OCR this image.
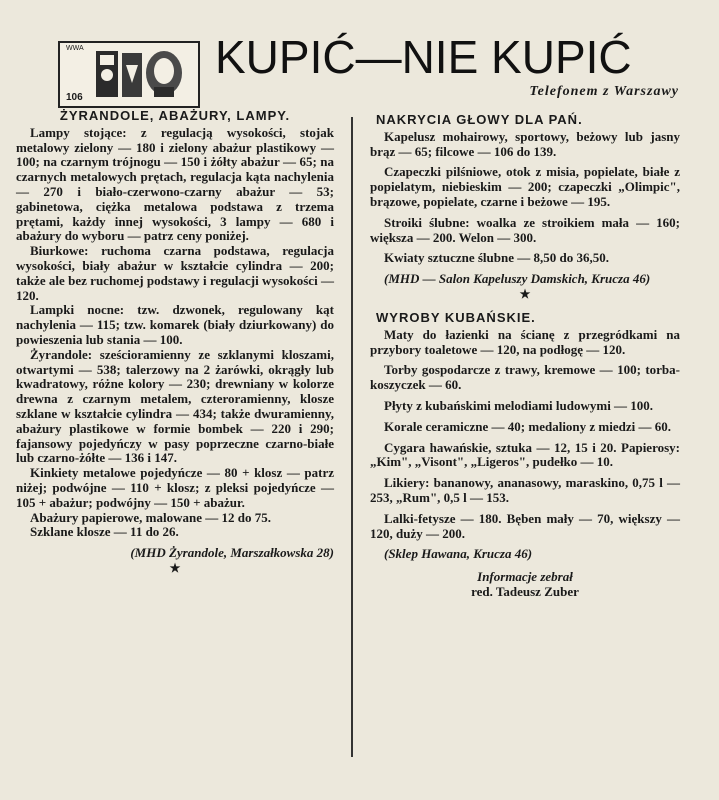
WWA
106
KUPIĆ—NIE KUPIĆ
Telefonem z Warszawy
ŻYRANDOLE, ABAŻURY, LAMPY.

Lampy stojące: z regulacją wysokości, stojak metalowy zielony — 180 i zielony abażur plastikowy — 100; na czarnym trójnogu — 150 i żółty abażur — 65; na czarnych metalowych prętach, regulacja kąta nachylenia — 270 i biało-czerwono-czarny abażur — 53; gabinetowa, ciężka metalowa podstawa z trzema prętami, każdy innej wysokości, 3 lampy — 680 i abażury do wyboru — patrz ceny poniżej.

Biurkowe: ruchoma czarna podstawa, regulacja wysokości, biały abażur w kształcie cylindra — 200; także ale bez ruchomej podstawy i regulacji wysokości — 120.

Lampki nocne: tzw. dzwonek, regulowany kąt nachylenia — 115; tzw. komarek (biały dziurkowany) do powieszenia lub stania — 100.

Żyrandole: sześcioramienny ze szklanymi kloszami, otwartymi — 538; talerzowy na 2 żarówki, okrągły lub kwadratowy, różne kolory — 230; drewniany w kolorze drewna z czarnym metalem, czteroramienny, klosze szklane w kształcie cylindra — 434; także dwuramienny, abażury plastikowe w formie bombek — 220 i 290; fajansowy pojedyńczy w pasy poprzeczne czarno-białe lub czarno-żółte — 136 i 147.

Kinkiety metalowe pojedyńcze — 80 + klosz — patrz niżej; podwójne — 110 + klosz; z pleksi pojedyńcze — 105 + abażur; podwójny — 150 + abażur.

Abażury papierowe, malowane — 12 do 75.

Szklane klosze — 11 do 26.

(MHD Żyrandole, Marszałkowska 28)

★

NAKRYCIA GŁOWY DLA PAŃ.

Kapelusz mohairowy, sportowy, beżowy lub jasny brąz — 65; filcowe — 106 do 139.

Czapeczki pilśniowe, otok z misia, popielate, białe z popielatym, niebieskim — 200; czapeczki „Olimpic", brązowe, popielate, czarne i beżowe — 195.

Stroiki ślubne: woalka ze stroikiem mała — 160; większa — 200. Welon — 300.

Kwiaty sztuczne ślubne — 8,50 do 36,50.

(MHD — Salon Kapeluszy Damskich, Krucza 46)

★

WYROBY KUBAŃSKIE.

Maty do łazienki na ścianę z przegródkami na przybory toaletowe — 120, na podłogę — 120.

Torby gospodarcze z trawy, kremowe — 100; torba-koszyczek — 60.

Płyty z kubańskimi melodiami ludowymi — 100.

Korale ceramiczne — 40; medaliony z miedzi — 60.

Cygara hawańskie, sztuka — 12, 15 i 20. Papierosy: „Kim", „Visont", „Ligeros", pudełko — 10.

Likiery: bananowy, ananasowy, maraskino, 0,75 l — 253, „Rum", 0,5 l — 153.

Lalki-fetysze — 180. Bęben mały — 70, większy — 120, duży — 200.

(Sklep Hawana, Krucza 46)

Informacje zebrał
red. Tadeusz Zuber
